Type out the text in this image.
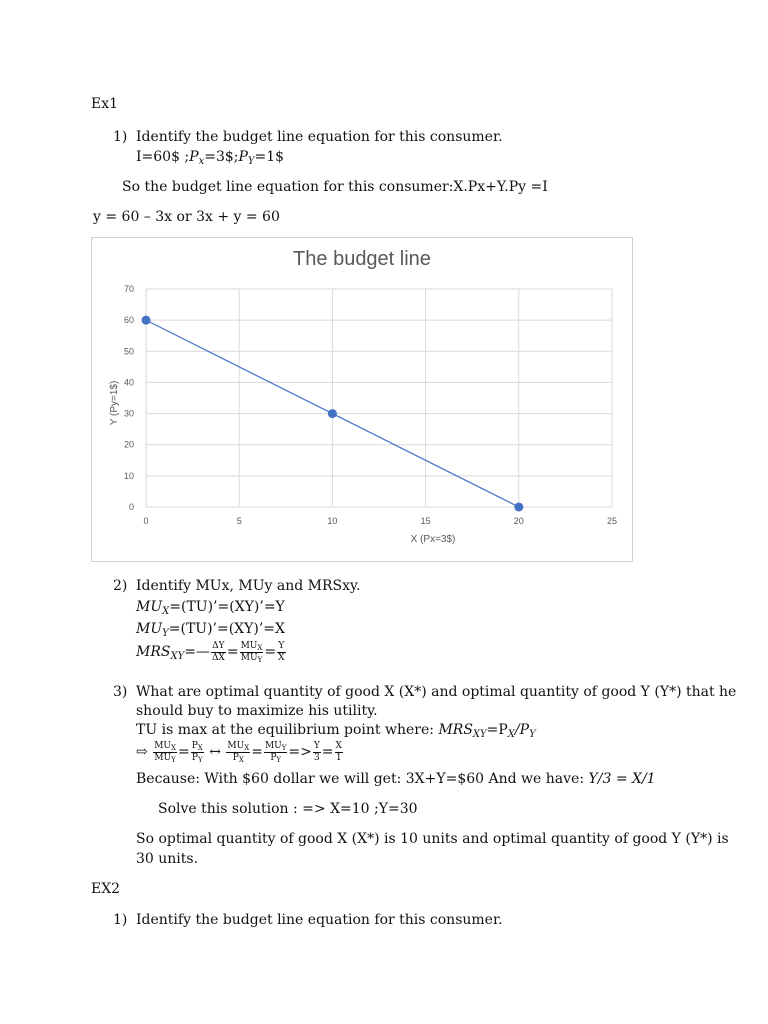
Ex1
1) Identify the budget line equation for this consumer.
I=60$ $;P_x=3\$;P_Y=1\$$
So the budget line equation for this consumer:X.Px+Y.Py =I
y = 60 – 3x or 3x + y = 60
The budget line
0
10
20
30
40
50
60
70
0	5	10	15	20	25
X (Px=3$)
Y (Py=1$)
2) Identify MUx, MUy and MRSxy.
$MU_X=(TU)’=(XY)’=Y$
$MU_Y=(TU)’=(XY)’=X$
$MRS_{XY}=— \frac{\Delta Y}{\Delta X} = \frac{MU_X}{MU_Y} = \frac{Y}{X}$
3) What are optimal quantity of good X (X*) and optimal quantity of good Y (Y*) that he
should buy to maximize his utility.
TU is max at the equilibrium point where: $MRS_{XY}=P_X/P_Y$
⇨ $\frac{MU_X}{MU_Y} = \frac{P_X}{P_Y}$ ↔ $\frac{MU_X}{P_X} = \frac{MU_Y}{P_Y} => \frac{Y}{3} = \frac{X}{1}$
Because: With $60 dollar we will get: 3X+Y=$60 And we have: Y/3 = X/1
Solve this solution : => X=10 ;Y=30
So optimal quantity of good X (X*) is 10 units and optimal quantity of good Y (Y*) is
30 units.
EX2
1) Identify the budget line equation for this consumer.
